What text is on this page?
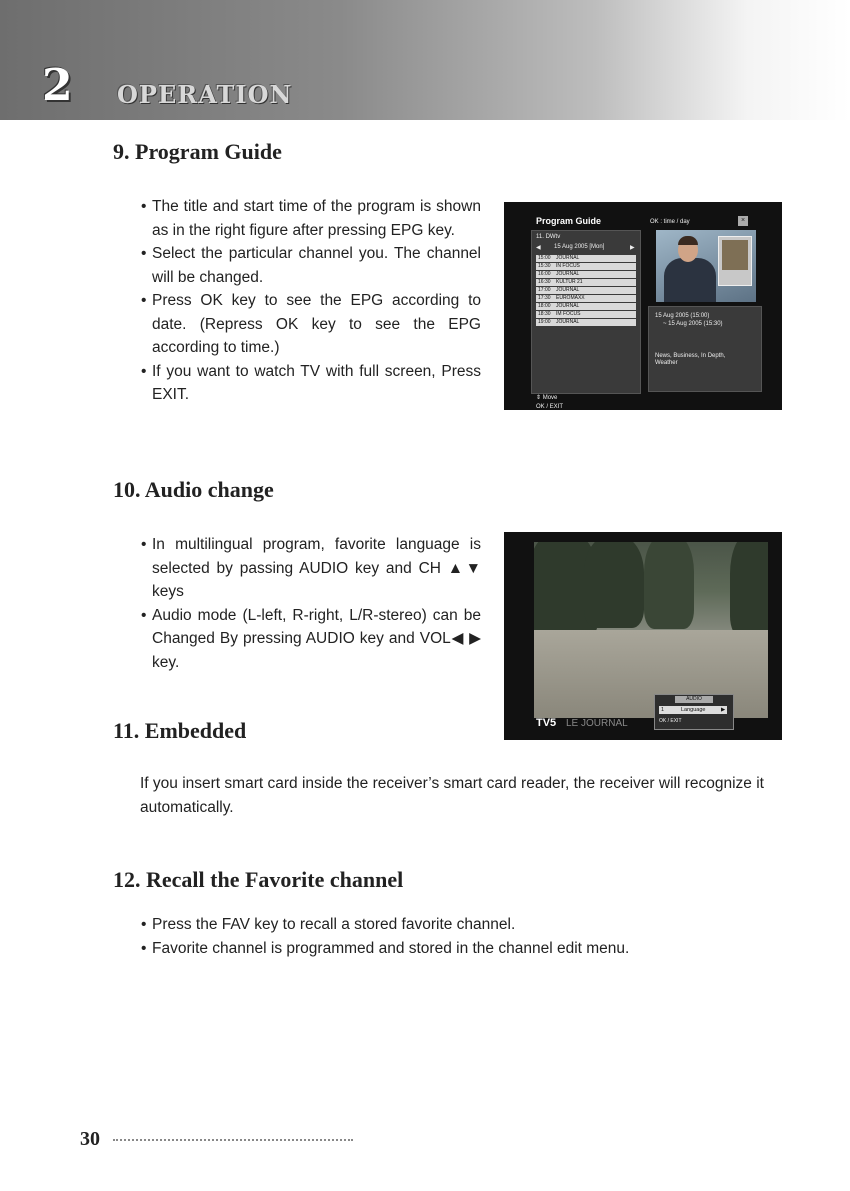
2 OPERATION
9. Program Guide
• The title and start time of the program is shown as in the right figure after pressing EPG key.
• Select the particular channel you. The channel will be changed.
• Press OK key to see the EPG according to date. (Repress OK key to see the EPG according to time.)
• If you want to watch TV with full screen, Press EXIT.
Program Guide	OK : time / day	×
11. DWtv
◀ 15 Aug 2005 [Mon]	▶
15:00 JOURNAL
15:30 IN FOCUS
16:00 JOURNAL
16:30 KULTUR 21
17:00 JOURNAL
17:30 EUROMAXX
18:00 JOURNAL
18:30 IM FOCUS
19:00 JOURNAL
⇕ Move
OK / EXIT
15 Aug 2005 (15:00)
~ 15 Aug 2005 (15:30)
News, Business, In Depth, Weather
10. Audio change
• In multilingual program, favorite language is selected by passing AUDIO key and CH ▲▼ keys
• Audio mode (L-left, R-right, L/R-stereo) can be Changed By pressing AUDIO key and VOL◀ ▶ key.
AUDIO
1	Language	▶
OK / EXIT
TV5 LE JOURNAL
11. Embedded

If you insert smart card inside the receiver’s smart card reader, the receiver will recognize it automatically.

12. Recall the Favorite channel
• Press the FAV key to recall a stored favorite channel.
• Favorite channel is programmed and stored in the channel edit menu.
30
